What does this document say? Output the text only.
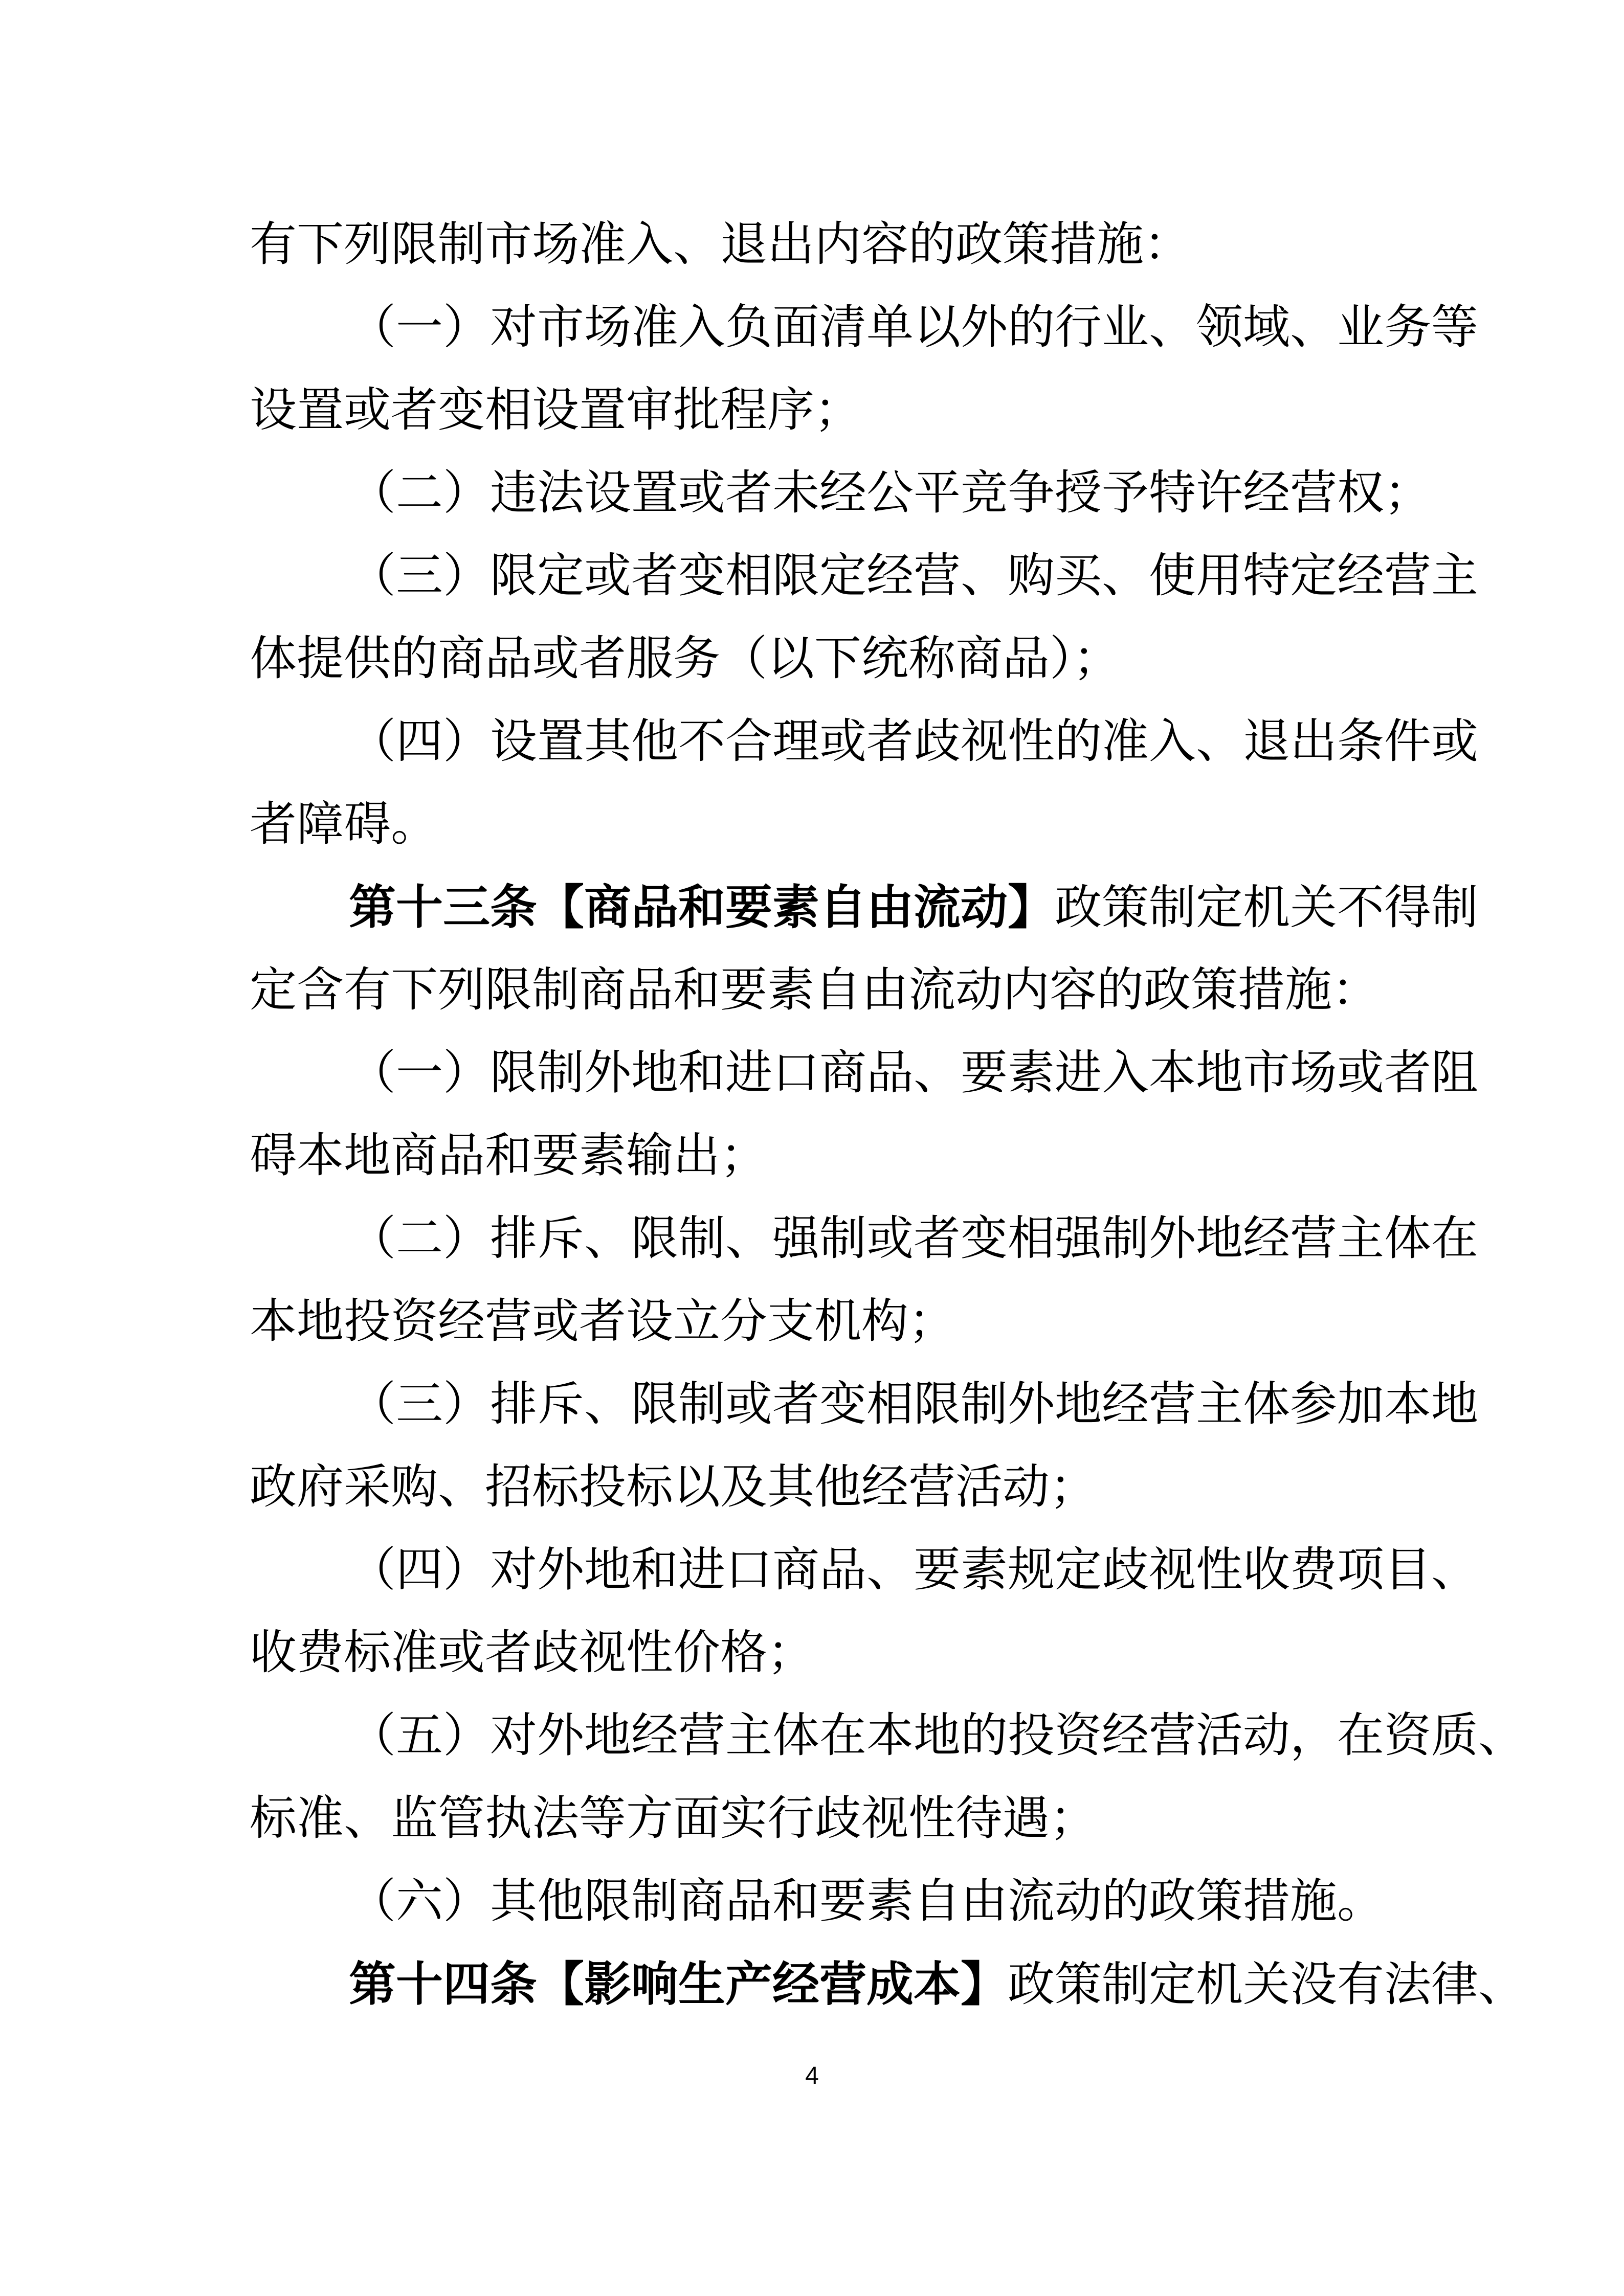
有下列限制市场准入、退出内容的政策措施：
（一）对市场准入负面清单以外的行业、领域、业务等
设置或者变相设置审批程序；
（二）违法设置或者未经公平竞争授予特许经营权；
（三）限定或者变相限定经营、购买、使用特定经营主
体提供的商品或者服务（以下统称商品）；
（四）设置其他不合理或者歧视性的准入、退出条件或
者障碍。
第十三条【商品和要素自由流动】政策制定机关不得制
定含有下列限制商品和要素自由流动内容的政策措施：
（一）限制外地和进口商品、要素进入本地市场或者阻
碍本地商品和要素输出；
（二）排斥、限制、强制或者变相强制外地经营主体在
本地投资经营或者设立分支机构；
（三）排斥、限制或者变相限制外地经营主体参加本地
政府采购、招标投标以及其他经营活动；
（四）对外地和进口商品、要素规定歧视性收费项目、
收费标准或者歧视性价格；
（五）对外地经营主体在本地的投资经营活动，在资质、
标准、监管执法等方面实行歧视性待遇；
（六）其他限制商品和要素自由流动的政策措施。
第十四条【影响生产经营成本】政策制定机关没有法律、
4
